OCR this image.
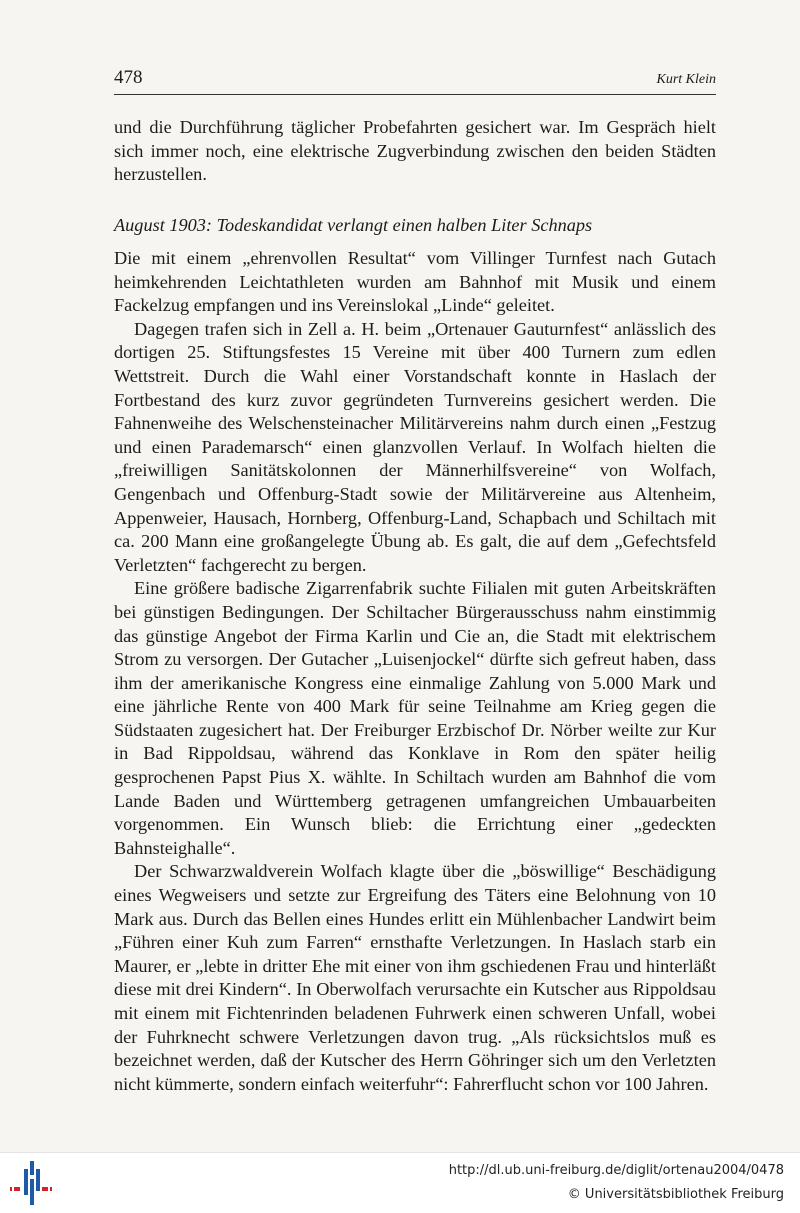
478	Kurt Klein

und die Durchführung täglicher Probefahrten gesichert war. Im Gespräch hielt sich immer noch, eine elektrische Zugverbindung zwischen den beiden Städten herzustellen.

August 1903: Todeskandidat verlangt einen halben Liter Schnaps

Die mit einem „ehrenvollen Resultat“ vom Villinger Turnfest nach Gutach heimkehrenden Leichtathleten wurden am Bahnhof mit Musik und einem Fackelzug empfangen und ins Vereinslokal „Linde“ geleitet.

Dagegen trafen sich in Zell a. H. beim „Ortenauer Gauturnfest“ anlässlich des dortigen 25. Stiftungsfestes 15 Vereine mit über 400 Turnern zum edlen Wettstreit. Durch die Wahl einer Vorstandschaft konnte in Haslach der Fortbestand des kurz zuvor gegründeten Turnvereins gesichert werden. Die Fahnenweihe des Welschensteinacher Militärvereins nahm durch einen „Festzug und einen Parademarsch“ einen glanzvollen Verlauf. In Wolfach hielten die „freiwilligen Sanitätskolonnen der Männerhilfsvereine“ von Wolfach, Gengenbach und Offenburg-Stadt sowie der Militärvereine aus Altenheim, Appenweier, Hausach, Hornberg, Offenburg-Land, Schapbach und Schiltach mit ca. 200 Mann eine großangelegte Übung ab. Es galt, die auf dem „Gefechtsfeld Verletzten“ fachgerecht zu bergen.

Eine größere badische Zigarrenfabrik suchte Filialen mit guten Arbeitskräften bei günstigen Bedingungen. Der Schiltacher Bürgerausschuss nahm einstimmig das günstige Angebot der Firma Karlin und Cie an, die Stadt mit elektrischem Strom zu versorgen. Der Gutacher „Luisenjockel“ dürfte sich gefreut haben, dass ihm der amerikanische Kongress eine einmalige Zahlung von 5.000 Mark und eine jährliche Rente von 400 Mark für seine Teilnahme am Krieg gegen die Südstaaten zugesichert hat. Der Freiburger Erzbischof Dr. Nörber weilte zur Kur in Bad Rippoldsau, während das Konklave in Rom den später heilig gesprochenen Papst Pius X. wählte. In Schiltach wurden am Bahnhof die vom Lande Baden und Württemberg getragenen umfangreichen Umbauarbeiten vorgenommen. Ein Wunsch blieb: die Errichtung einer „gedeckten Bahnsteighalle“.

Der Schwarzwaldverein Wolfach klagte über die „böswillige“ Beschädigung eines Wegweisers und setzte zur Ergreifung des Täters eine Belohnung von 10 Mark aus. Durch das Bellen eines Hundes erlitt ein Mühlenbacher Landwirt beim „Führen einer Kuh zum Farren“ ernsthafte Verletzungen. In Haslach starb ein Maurer, er „lebte in dritter Ehe mit einer von ihm gschiedenen Frau und hinterläßt diese mit drei Kindern“. In Oberwolfach verursachte ein Kutscher aus Rippoldsau mit einem mit Fichtenrinden beladenen Fuhrwerk einen schweren Unfall, wobei der Fuhrknecht schwere Verletzungen davon trug. „Als rücksichtslos muß es bezeichnet werden, daß der Kutscher des Herrn Göhringer sich um den Verletzten nicht kümmerte, sondern einfach weiterfuhr“: Fahrerflucht schon vor 100 Jahren.

http://dl.ub.uni-freiburg.de/diglit/ortenau2004/0478
© Universitätsbibliothek Freiburg
